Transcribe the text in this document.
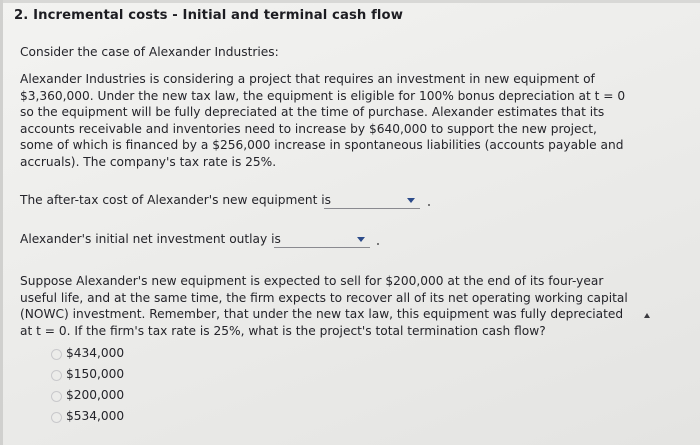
2. Incremental costs - Initial and terminal cash flow
Consider the case of Alexander Industries:
Alexander Industries is considering a project that requires an investment in new equipment of
$3,360,000. Under the new tax law, the equipment is eligible for 100% bonus depreciation at t = 0
so the equipment will be fully depreciated at the time of purchase. Alexander estimates that its
accounts receivable and inventories need to increase by $640,000 to support the new project,
some of which is financed by a $256,000 increase in spontaneous liabilities (accounts payable and
accruals). The company's tax rate is 25%.
The after-tax cost of Alexander's new equipment is
Alexander's initial net investment outlay is
Suppose Alexander's new equipment is expected to sell for $200,000 at the end of its four-year
useful life, and at the same time, the firm expects to recover all of its net operating working capital
(NOWC) investment. Remember, that under the new tax law, this equipment was fully depreciated
at t = 0. If the firm's tax rate is 25%, what is the project's total termination cash flow?
$434,000
$150,000
$200,000
$534,000
